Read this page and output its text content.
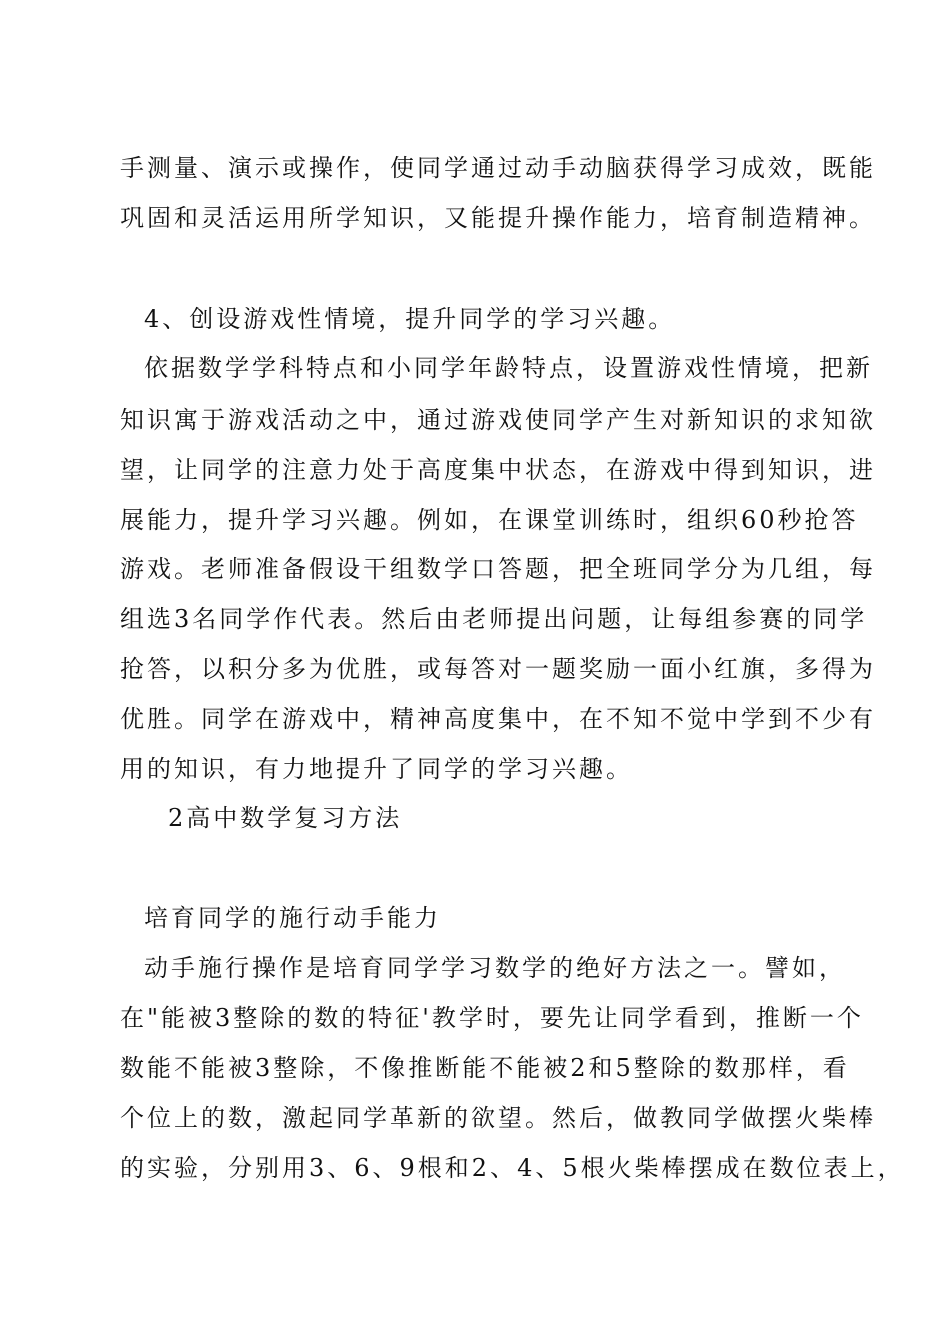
手测量、演示或操作，使同学通过动手动脑获得学习成效，既能
巩固和灵活运用所学知识，又能提升操作能力，培育制造精神。
4、创设游戏性情境，提升同学的学习兴趣。
依据数学学科特点和小同学年龄特点，设置游戏性情境，把新
知识寓于游戏活动之中，通过游戏使同学产生对新知识的求知欲
望，让同学的注意力处于高度集中状态，在游戏中得到知识，进
展能力，提升学习兴趣。例如，在课堂训练时，组织60秒抢答
游戏。老师准备假设干组数学口答题，把全班同学分为几组，每
组选3名同学作代表。然后由老师提出问题，让每组参赛的同学
抢答，以积分多为优胜，或每答对一题奖励一面小红旗，多得为
优胜。同学在游戏中，精神高度集中，在不知不觉中学到不少有
用的知识，有力地提升了同学的学习兴趣。
2高中数学复习方法
培育同学的施行动手能力
动手施行操作是培育同学学习数学的绝好方法之一。譬如，
在"能被3整除的数的特征'教学时，要先让同学看到，推断一个
数能不能被3整除，不像推断能不能被2和5整除的数那样，看
个位上的数，激起同学革新的欲望。然后，做教同学做摆火柴棒
的实验，分别用3、6、9根和2、4、5根火柴棒摆成在数位表上，
